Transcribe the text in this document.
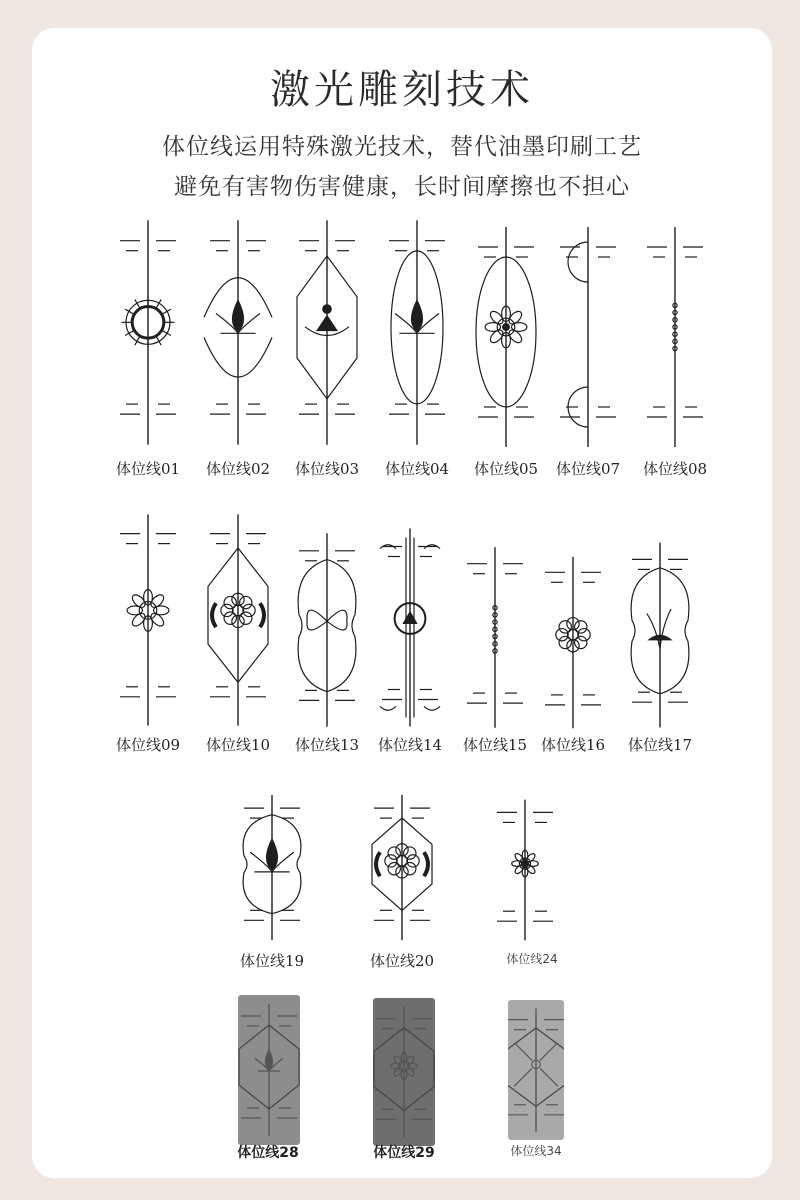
激光雕刻技术
体位线运用特殊激光技术，替代油墨印刷工艺
避免有害物伤害健康，长时间摩擦也不担心
体位线01 体位线02 体位线03 体位线04 体位线05 体位线07 体位线08
体位线09 体位线10 体位线13 体位线14 体位线15 体位线16 体位线17
体位线19	体位线20	体位线24
体位线28	体位线29	体位线34
